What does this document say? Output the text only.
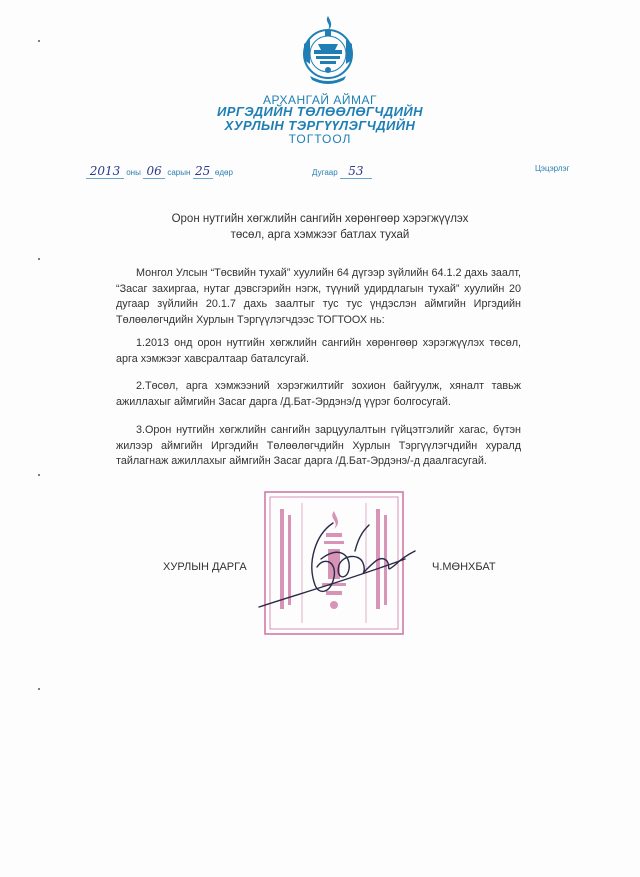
АРХАНГАЙ АЙМАГ
ИРГЭДИЙН ТӨЛӨӨЛӨГЧДИЙН
ХУРЛЫН ТЭРГҮҮЛЭГЧДИЙН
ТОГТООЛ
2013 оны 06 сарын 25 өдөр	Дугаар 53	Цэцэрлэг
Орон нутгийн хөгжлийн сангийн хөрөнгөөр хэрэгжүүлэх
төсөл, арга хэмжээг батлах тухай

Монгол Улсын “Төсвийн тухай” хуулийн 64 дүгээр зүйлийн 64.1.2 дахь заалт, “Засаг захиргаа, нутаг дэвсгэрийн нэгж, түүний удирдлагын тухай” хуулийн 20 дугаар зүйлийн 20.1.7 дахь заалтыг тус тус үндэслэн аймгийн Иргэдийн Төлөөлөгчдийн Хурлын Тэргүүлэгчдээс ТОГТООХ нь:

1.2013 онд орон нутгийн хөгжлийн сангийн хөрөнгөөр хэрэгжүүлэх төсөл, арга хэмжээг хавсралтаар баталсугай.

2.Төсөл, арга хэмжээний хэрэгжилтийг зохион байгуулж, хяналт тавьж ажиллахыг аймгийн Засаг дарга /Д.Бат-Эрдэнэ/д үүрэг болгосугай.

3.Орон нутгийн хөгжлийн сангийн зарцуулалтын гүйцэтгэлийг хагас, бүтэн жилээр аймгийн Иргэдийн Төлөөлөгчдийн Хурлын Тэргүүлэгчдийн хуралд тайлагнаж ажиллахыг аймгийн Засаг дарга /Д.Бат-Эрдэнэ/-д даалгасугай.

ХУРЛЫН ДАРГА	Ч.МӨНХБАТ
